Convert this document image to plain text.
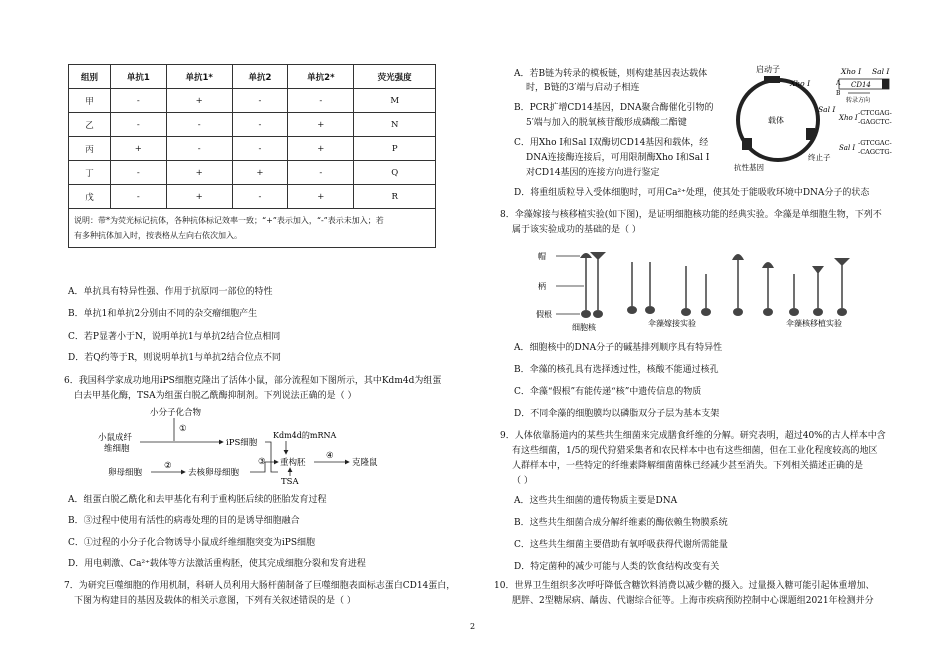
组别	单抗1	单抗1*	单抗2	单抗2*	荧光强度
甲	-	+	-	-	M
乙	-	-	-	+	N
丙	+	-	-	+	P
丁	-	+	+	-	Q
戊	-	+	-	+	R

说明：带*为荧光标记抗体，各种抗体标记效率一致；“+”表示加入，“-”表示未加入；若
有多种抗体加入时，按表格从左向右依次加入。					
A．单抗具有特异性强、作用于抗原同一部位的特性
B．单抗1和单抗2分别由不同的杂交瘤细胞产生
C．若P显著小于N，说明单抗1与单抗2结合位点相同
D．若Q约等于R，则说明单抗1与单抗2结合位点不同
6．我国科学家成功地用iPS细胞克隆出了活体小鼠，部分流程如下图所示，其中Kdm4d为组蛋
白去甲基化酶，TSA为组蛋白脱乙酰酶抑制剂。下列说法正确的是（ ）
小分子化合物
①
小鼠成纤
维细胞
iPS细胞
Kdm4d的mRNA
③
卵母细胞
②
去核卵母细胞
重构胚
TSA
④
克隆鼠
A．组蛋白脱乙酰化和去甲基化有利于重构胚后续的胚胎发育过程
B．③过程中使用有活性的病毒处理的目的是诱导细胞融合
C．①过程的小分子化合物诱导小鼠成纤维细胞突变为iPS细胞
D．用电刺激、Ca²⁺载体等方法激活重构胚，使其完成细胞分裂和发育进程
7．为研究巨噬细胞的作用机制，科研人员利用大肠杆菌制备了巨噬细胞表面标志蛋白CD14蛋白，
下图为构建目的基因及载体的相关示意图，下列有关叙述错误的是（ ）
A．若B链为转录的模板链，则构建基因表达载体
时，B链的3′端与启动子相连
B．PCR扩增CD14基因，DNA聚合酶催化引物的
5′端与加入的脱氧核苷酸形成磷酸二酯键
C．用Xho I和Sal I双酶切CD14基因和载体，经
DNA连接酶连接后，可用限制酶Xho I和Sal I
对CD14基因的连接方向进行鉴定
D．将重组质粒导入受体细胞时，可用Ca²⁺处理，使其处于能吸收环境中DNA分子的状态
启动子
Xho I
Sal I
载体
终止子
抗性基因
Xho I Sal I
CD14
A
B
转录方向
Xho I
-CTCGAG-
-GAGCTC-
Sal I
-GTCGAC-
-CAGCTG-
8．伞藻嫁接与核移植实验(如下图)，是证明细胞核功能的经典实验。伞藻是单细胞生物，下列不
属于该实验成功的基础的是（ ）
帽
柄
假根
细胞核	伞藻嫁接实验	伞藻核移植实验
A．细胞核中的DNA分子的碱基排列顺序具有特异性
B．伞藻的核孔具有选择透过性，核酸不能通过核孔
C．伞藻“假根”有能传递“核”中遗传信息的物质
D．不同伞藻的细胞膜均以磷脂双分子层为基本支架
9．人体依靠肠道内的某些共生细菌来完成膳食纤维的分解。研究表明，超过40%的古人样本中含
有这些细菌，1/5的现代狩猎采集者和农民样本中也有这些细菌，但在工业化程度较高的地区
人群样本中，一些特定的纤维素降解细菌菌株已经减少甚至消失。下列相关描述正确的是
（ ）
A．这些共生细菌的遗传物质主要是DNA
B．这些共生细菌合成分解纤维素的酶依赖生物膜系统
C．这些共生细菌主要借助有氧呼吸获得代谢所需能量
D．特定菌种的减少可能与人类的饮食结构改变有关
10．世界卫生组织多次呼吁降低含糖饮料消费以减少糖的摄入。过量摄入糖可能引起体重增加、
肥胖、2型糖尿病、龋齿、代谢综合征等。上海市疾病预防控制中心课题组2021年检测并分
2
